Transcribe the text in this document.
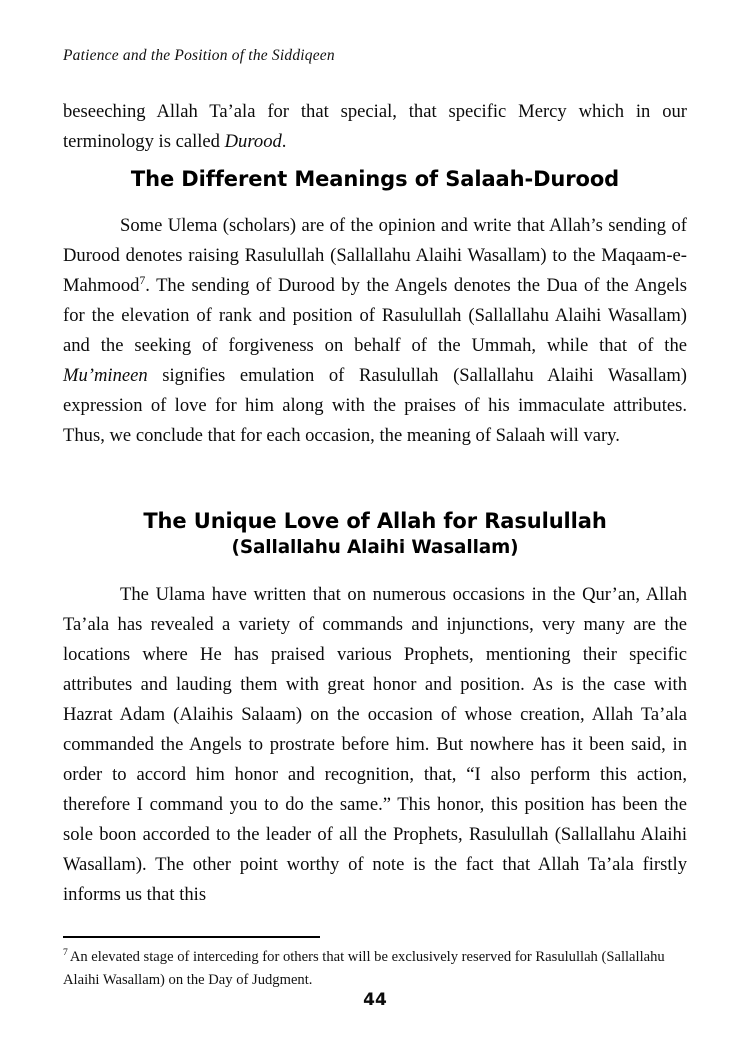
Patience and the Position of the Siddiqeen

beseeching Allah Ta’ala for that special, that specific Mercy which in our terminology is called Durood.

The Different Meanings of Salaah-Durood

Some Ulema (scholars) are of the opinion and write that Allah’s sending of Durood denotes raising Rasulullah (Sallallahu Alaihi Wasallam) to the Maqaam-e-Mahmood$^7$. The sending of Durood by the Angels denotes the Dua of the Angels for the elevation of rank and position of Rasulullah (Sallallahu Alaihi Wasallam) and the seeking of forgiveness on behalf of the Ummah, while that of the Mu’mineen signifies emulation of Rasulullah (Sallallahu Alaihi Wasallam) expression of love for him along with the praises of his immaculate attributes. Thus, we conclude that for each occasion, the meaning of Salaah will vary.

The Unique Love of Allah for Rasulullah
(Sallallahu Alaihi Wasallam)

The Ulama have written that on numerous occasions in the Qur’an, Allah Ta’ala has revealed a variety of commands and injunctions, very many are the locations where He has praised various Prophets, mentioning their specific attributes and lauding them with great honor and position. As is the case with Hazrat Adam (Alaihis Salaam) on the occasion of whose creation, Allah Ta’ala commanded the Angels to prostrate before him. But nowhere has it been said, in order to accord him honor and recognition, that, “I also perform this action, therefore I command you to do the same.” This honor, this position has been the sole boon accorded to the leader of all the Prophets, Rasulullah (Sallallahu Alaihi Wasallam). The other point worthy of note is the fact that Allah Ta’ala firstly informs us that this

$^7$ An elevated stage of interceding for others that will be exclusively reserved for Rasulullah (Sallallahu Alaihi Wasallam) on the Day of Judgment.
44
